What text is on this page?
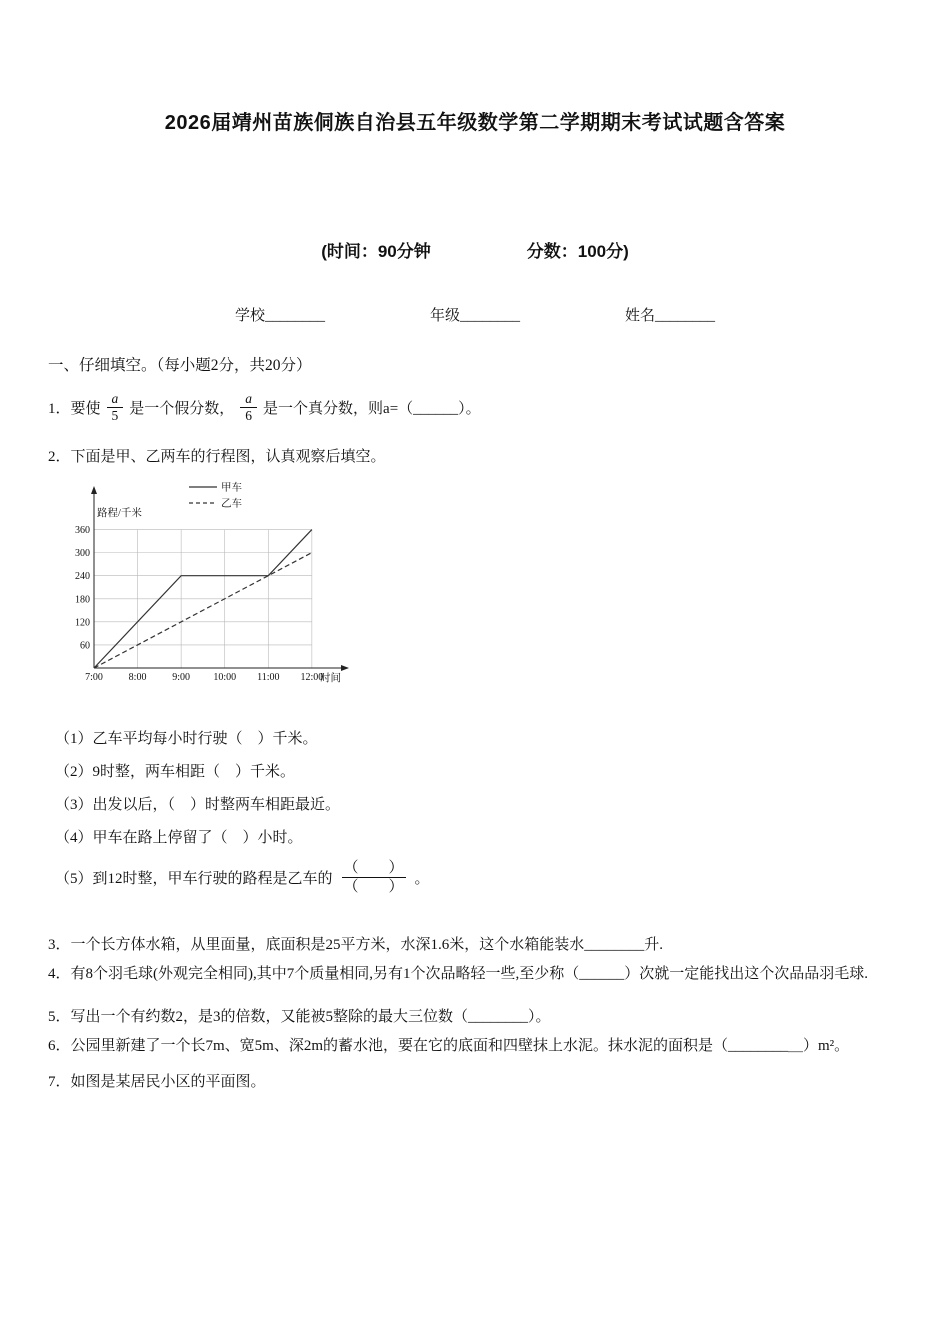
2026届靖州苗族侗族自治县五年级数学第二学期期末考试试题含答案
(时间：90分钟	分数：100分)
学校________	年级________	姓名________
一、仔细填空。（每小题2分，共20分）
1． 要使 $\frac{a}{5}$ 是一个假分数， $\frac{a}{6}$ 是一个真分数，则a=（______）。
2．下面是甲、乙两车的行程图，认真观察后填空。
60
120
180
240
300
360
7:00	8:00	9:00 10:00 11:00 12:00
路程/千米
时间
甲车
乙车
（1）乙车平均每小时行驶（　）千米。
（2）9时整，两车相距（　）千米。
（3）出发以后，（　）时整两车相距最近。
（4）甲车在路上停留了（　）小时。
（5）到12时整，甲车行驶的路程是乙车的 $\frac{( )}{( )}$ 。
3．一个长方体水箱，从里面量，底面积是25平方米，水深1.6米，这个水箱能装水________升.
4．有8个羽毛球(外观完全相同),其中7个质量相同,另有1个次品略轻一些,至少称（______）次就一定能找出这个次品品羽毛球.
5．写出一个有约数2，是3的倍数，又能被5整除的最大三位数（________）。
6．公园里新建了一个长7m、宽5m、深2m的蓄水池，要在它的底面和四壁抹上水泥。抹水泥的面积是（________＿）m²。
7．如图是某居民小区的平面图。
